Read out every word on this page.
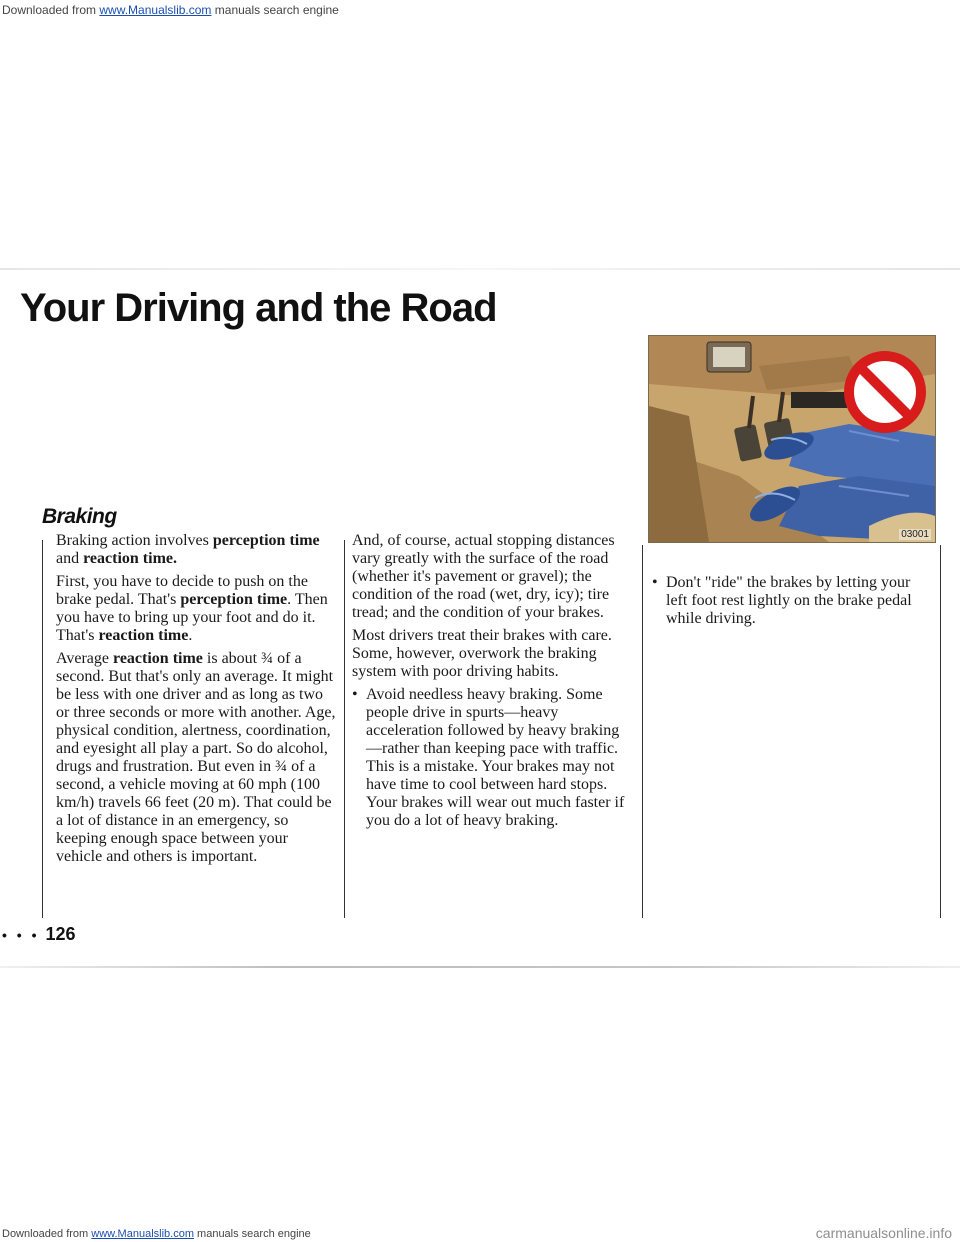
Downloaded from www.Manualslib.com manuals search engine
Your Driving and the Road
Braking

Braking action involves perception time and reaction time.

First, you have to decide to push on the brake pedal. That's perception time. Then you have to bring up your foot and do it. That's reaction time.

Average reaction time is about ¾ of a second. But that's only an average. It might be less with one driver and as long as two or three seconds or more with another. Age, physical condition, alertness, coordination, and eyesight all play a part. So do alcohol, drugs and frustration. But even in ¾ of a second, a vehicle moving at 60 mph (100 km/h) travels 66 feet (20 m). That could be a lot of distance in an emergency, so keeping enough space between your vehicle and others is important.

And, of course, actual stopping distances vary greatly with the surface of the road (whether it's pavement or gravel); the condition of the road (wet, dry, icy); tire tread; and the condition of your brakes.

Most drivers treat their brakes with care. Some, however, overwork the braking system with poor driving habits.

• Avoid needless heavy braking. Some people drive in spurts—heavy acceleration followed by heavy braking—rather than keeping pace with traffic. This is a mistake. Your brakes may not have time to cool between hard stops. Your brakes will wear out much faster if you do a lot of heavy braking.
• Don't "ride" the brakes by letting your left foot rest lightly on the brake pedal while driving.
03001
• • • 126
Downloaded from www.Manualslib.com manuals search engine	carmanualsonline.info
